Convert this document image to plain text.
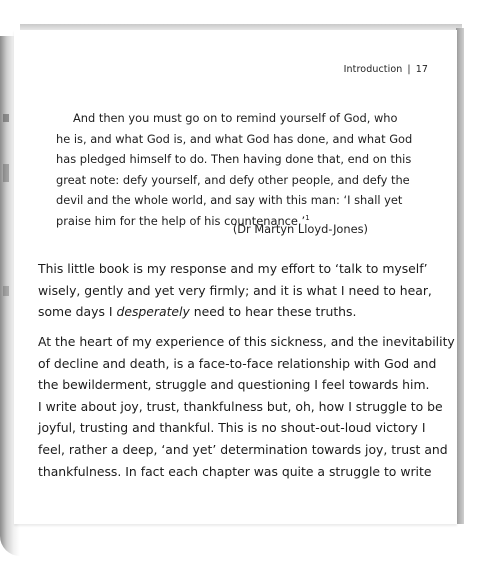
Introduction | 17
And then you must go on to remind yourself of God, who
he is, and what God is, and what God has done, and what God
has pledged himself to do. Then having done that, end on this
great note: defy yourself, and defy other people, and defy the
devil and the whole world, and say with this man: ‘I shall yet
praise him for the help of his countenance.’$^1$
(Dr Martyn Lloyd-Jones)
This little book is my response and my effort to ‘talk to myself’
wisely, gently and yet very firmly; and it is what I need to hear,
some days I desperately need to hear these truths.
At the heart of my experience of this sickness, and the inevitability
of decline and death, is a face-to-face relationship with God and
the bewilderment, struggle and questioning I feel towards him.
I write about joy, trust, thankfulness but, oh, how I struggle to be
joyful, trusting and thankful. This is no shout-out-loud victory I
feel, rather a deep, ‘and yet’ determination towards joy, trust and
thankfulness. In fact each chapter was quite a struggle to write
